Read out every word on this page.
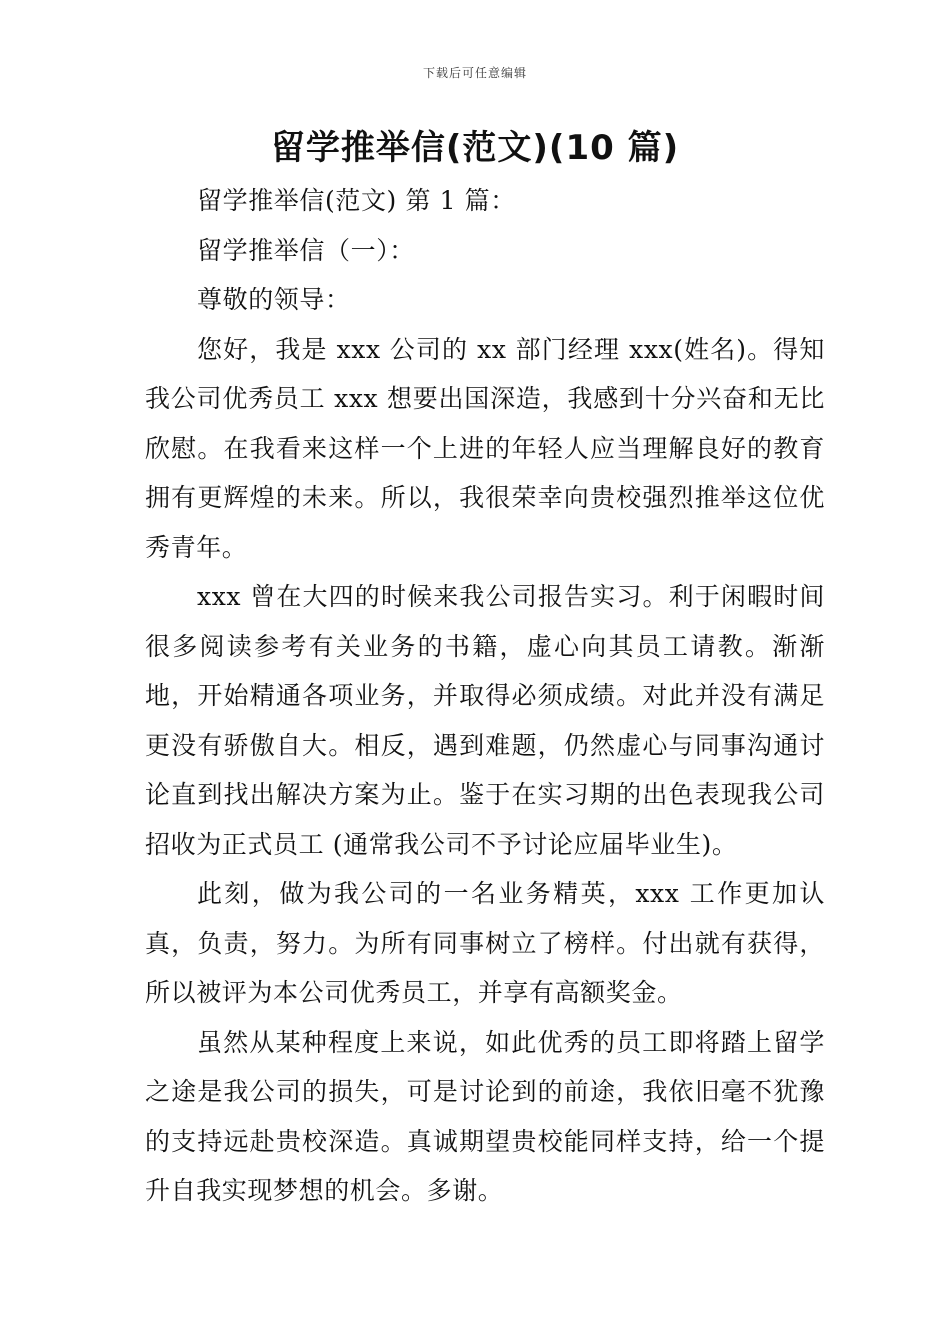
下载后可任意编辑
留学推举信(范文)(10 篇)

留学推举信(范文) 第 1 篇：

留学推举信（一）：

尊敬的领导：

您好，我是 xxx 公司的 xx 部门经理 xxx(姓名)。得知我公司优秀员工 xxx 想要出国深造，我感到十分兴奋和无比欣慰。在我看来这样一个上进的年轻人应当理解良好的教育拥有更辉煌的未来。所以，我很荣幸向贵校强烈推举这位优秀青年。

xxx 曾在大四的时候来我公司报告实习。利于闲暇时间很多阅读参考有关业务的书籍，虚心向其员工请教。渐渐地，开始精通各项业务，并取得必须成绩。对此并没有满足更没有骄傲自大。相反，遇到难题，仍然虚心与同事沟通讨论直到找出解决方案为止。鉴于在实习期的出色表现我公司招收为正式员工 (通常我公司不予讨论应届毕业生)。

此刻，做为我公司的一名业务精英，xxx 工作更加认真，负责，努力。为所有同事树立了榜样。付出就有获得，所以被评为本公司优秀员工，并享有高额奖金。

虽然从某种程度上来说，如此优秀的员工即将踏上留学之途是我公司的损失，可是讨论到的前途，我依旧毫不犹豫的支持远赴贵校深造。真诚期望贵校能同样支持，给一个提升自我实现梦想的机会。多谢。
